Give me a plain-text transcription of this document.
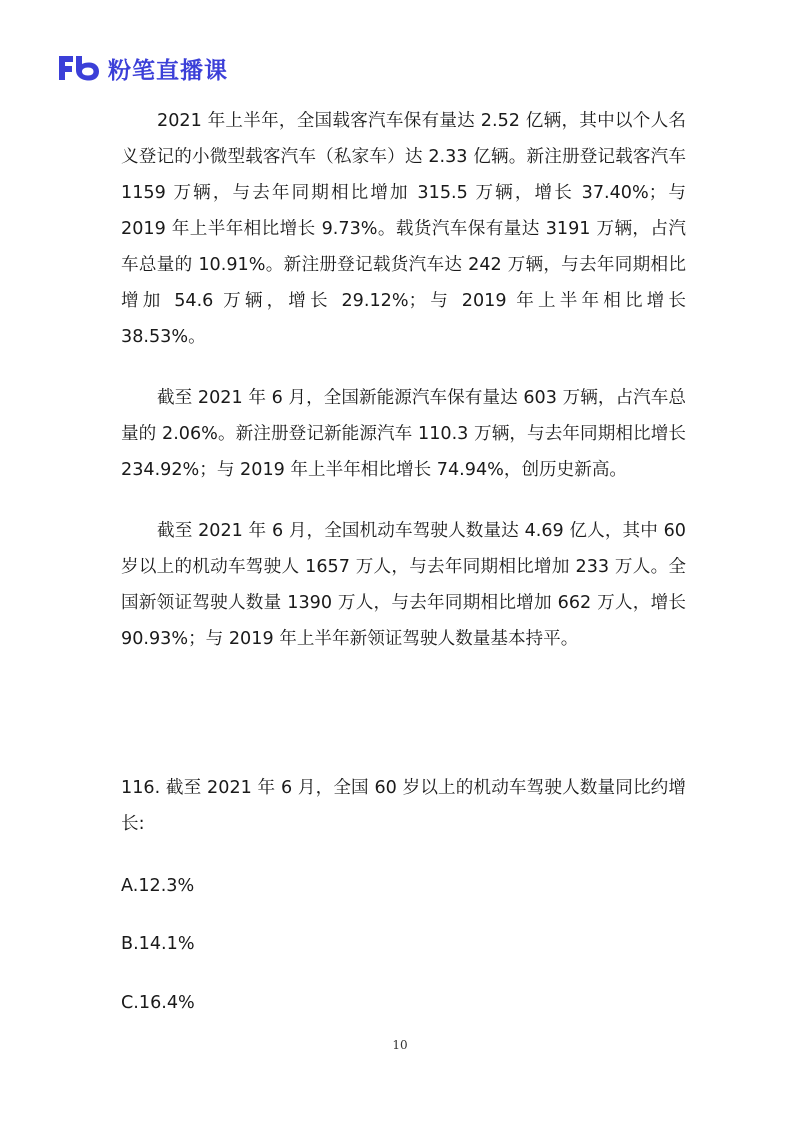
粉笔直播课

2021 年上半年，全国载客汽车保有量达 2.52 亿辆，其中以个人名义登记的小微型载客汽车（私家车）达 2.33 亿辆。新注册登记载客汽车 1159 万辆，与去年同期相比增加 315.5 万辆，增长 37.40%；与 2019 年上半年相比增长 9.73%。载货汽车保有量达 3191 万辆，占汽车总量的 10.91%。新注册登记载货汽车达 242 万辆，与去年同期相比增加 54.6 万辆，增长 29.12%；与 2019 年上半年相比增长 38.53%。

截至 2021 年 6 月，全国新能源汽车保有量达 603 万辆，占汽车总量的 2.06%。新注册登记新能源汽车 110.3 万辆，与去年同期相比增长 234.92%；与 2019 年上半年相比增长 74.94%，创历史新高。

截至 2021 年 6 月，全国机动车驾驶人数量达 4.69 亿人，其中 60 岁以上的机动车驾驶人 1657 万人，与去年同期相比增加 233 万人。全国新领证驾驶人数量 1390 万人，与去年同期相比增加 662 万人，增长 90.93%；与 2019 年上半年新领证驾驶人数量基本持平。

116. 截至 2021 年 6 月，全国 60 岁以上的机动车驾驶人数量同比约增长:

A.12.3%

B.14.1%

C.16.4%

10
